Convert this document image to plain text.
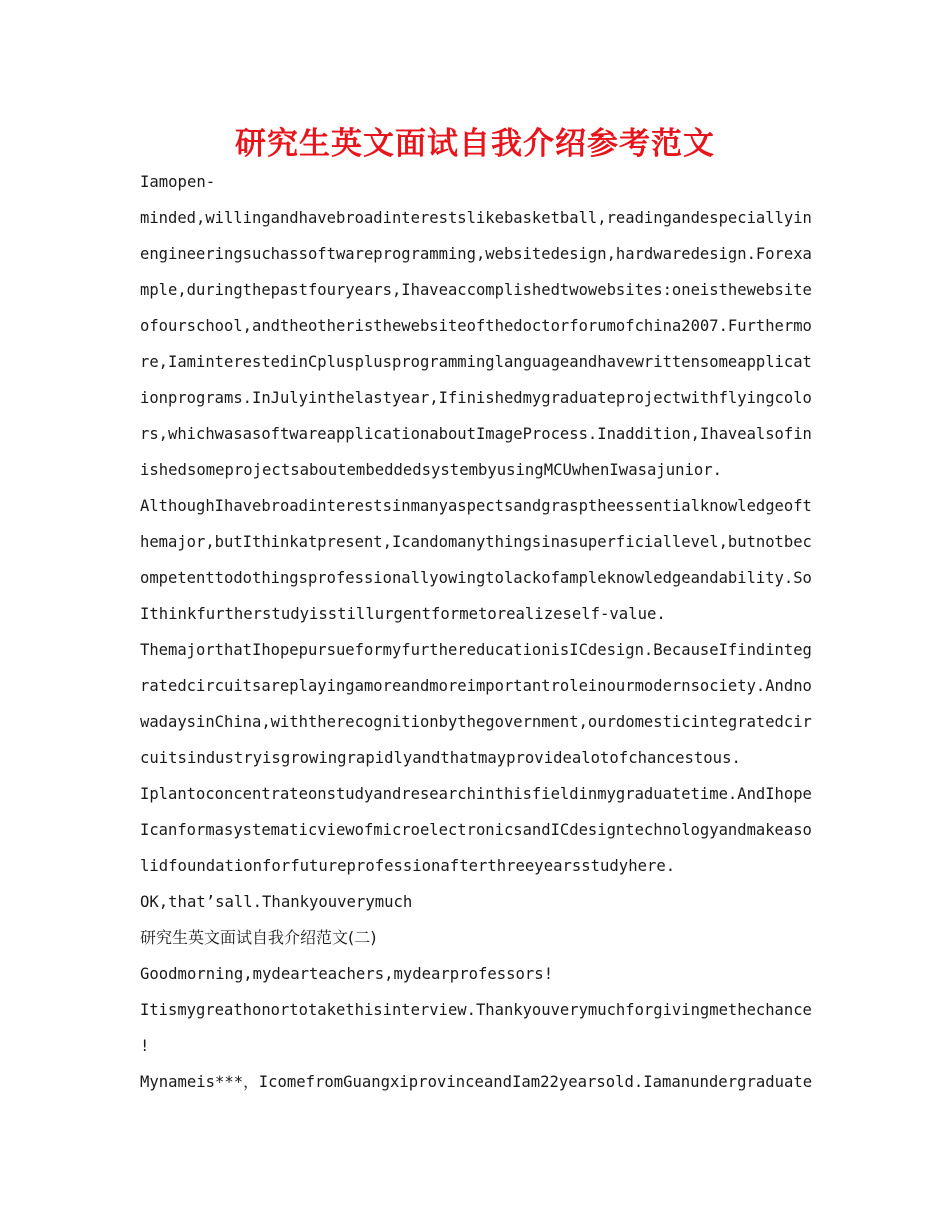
研究生英文面试自我介绍参考范文
Iamopen-
minded,willingandhavebroadinterestslikebasketball,readingandespeciallyin
engineeringsuchassoftwareprogramming,websitedesign,hardwaredesign.Forexa
mple,duringthepastfouryears,Ihaveaccomplishedtwowebsites:oneisthewebsite
ofourschool,andtheotheristhewebsiteofthedoctorforumofchina2007.Furthermo
re,IaminterestedinCplusplusprogramminglanguageandhavewrittensomeapplicat
ionprograms.InJulyinthelastyear,Ifinishedmygraduateprojectwithflyingcolo
rs,whichwasasoftwareapplicationaboutImageProcess.Inaddition,Ihavealsofin
ishedsomeprojectsaboutembeddedsystembyusingMCUwhenIwasajunior.
AlthoughIhavebroadinterestsinmanyaspectsandgrasptheessentialknowledgeoft
hemajor,butIthinkatpresent,Icandomanythingsinasuperficiallevel,butnotbec
ompetenttodothingsprofessionallyowingtolackofampleknowledgeandability.So
Ithinkfurtherstudyisstillurgentformetorealizeself-value.
ThemajorthatIhopepursueformyfurthereducationisICdesign.BecauseIfindinteg
ratedcircuitsareplayingamoreandmoreimportantroleinourmodernsociety.Andno
wadaysinChina,withtherecognitionbythegovernment,ourdomesticintegratedcir
cuitsindustryisgrowingrapidlyandthatmayprovidealotofchancestous.
Iplantoconcentrateonstudyandresearchinthisfieldinmygraduatetime.AndIhope
IcanformasystematicviewofmicroelectronicsandICdesigntechnologyandmakeaso
lidfoundationforfutureprofessionafterthreeyearsstudyhere.
OK,that’sall.Thankyouverymuch
研究生英文面试自我介绍范文(二)
Goodmorning,mydearteachers,mydearprofessors!
Itismygreathonortotakethisinterview.Thankyouverymuchforgivingmethechance
!
Mynameis***，IcomefromGuangxiprovinceandIam22yearsold.Iamanundergraduate
